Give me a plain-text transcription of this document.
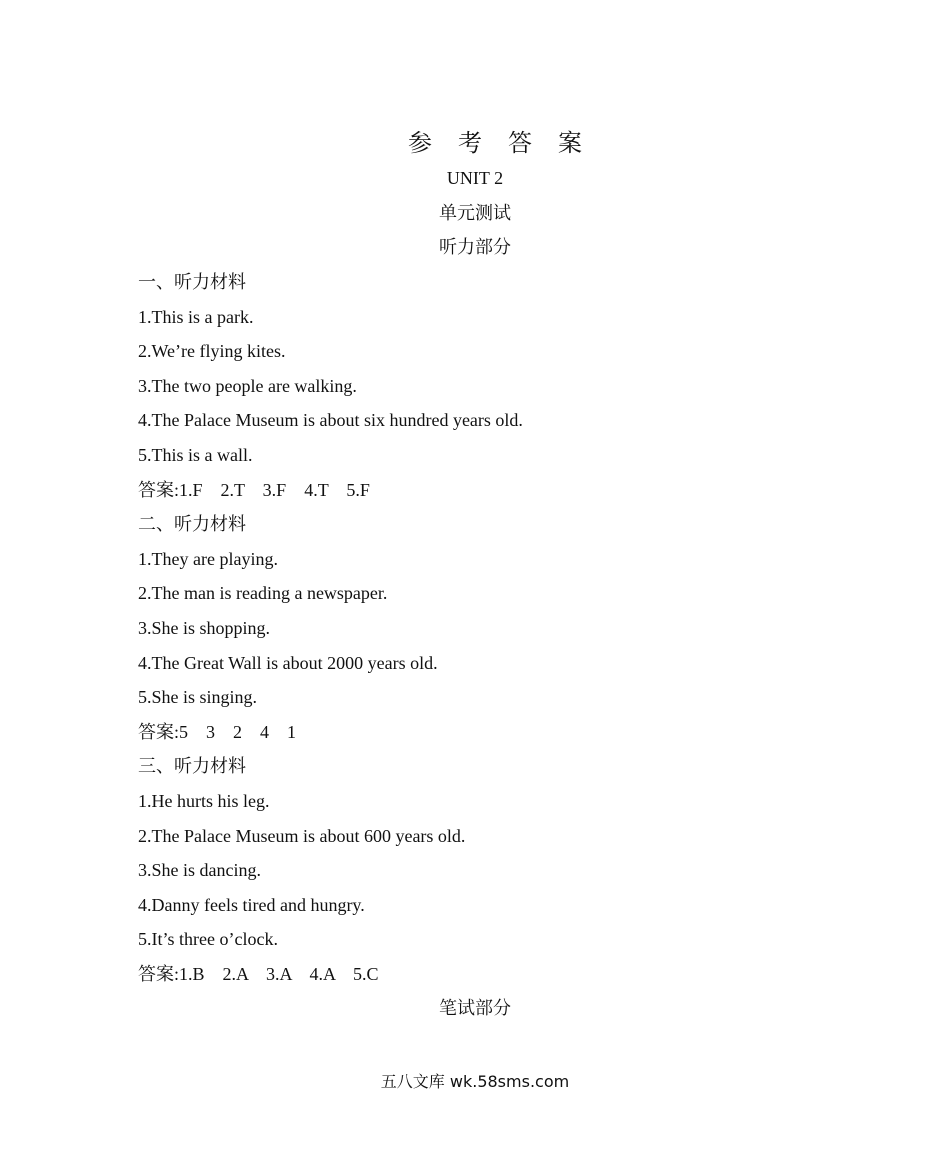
参 考 答 案
UNIT 2
单元测试
听力部分
一、听力材料
1.This is a park.
2.We’re flying kites.
3.The two people are walking.
4.The Palace Museum is about six hundred years old.
5.This is a wall.
答案:1.F    2.T    3.F    4.T    5.F
二、听力材料
1.They are playing.
2.The man is reading a newspaper.
3.She is shopping.
4.The Great Wall is about 2000 years old.
5.She is singing.
答案:5    3    2    4    1
三、听力材料
1.He hurts his leg.
2.The Palace Museum is about 600 years old.
3.She is dancing.
4.Danny feels tired and hungry.
5.It’s three o’clock.
答案:1.B    2.A    3.A    4.A    5.C
笔试部分
五八文库 wk.58sms.com
